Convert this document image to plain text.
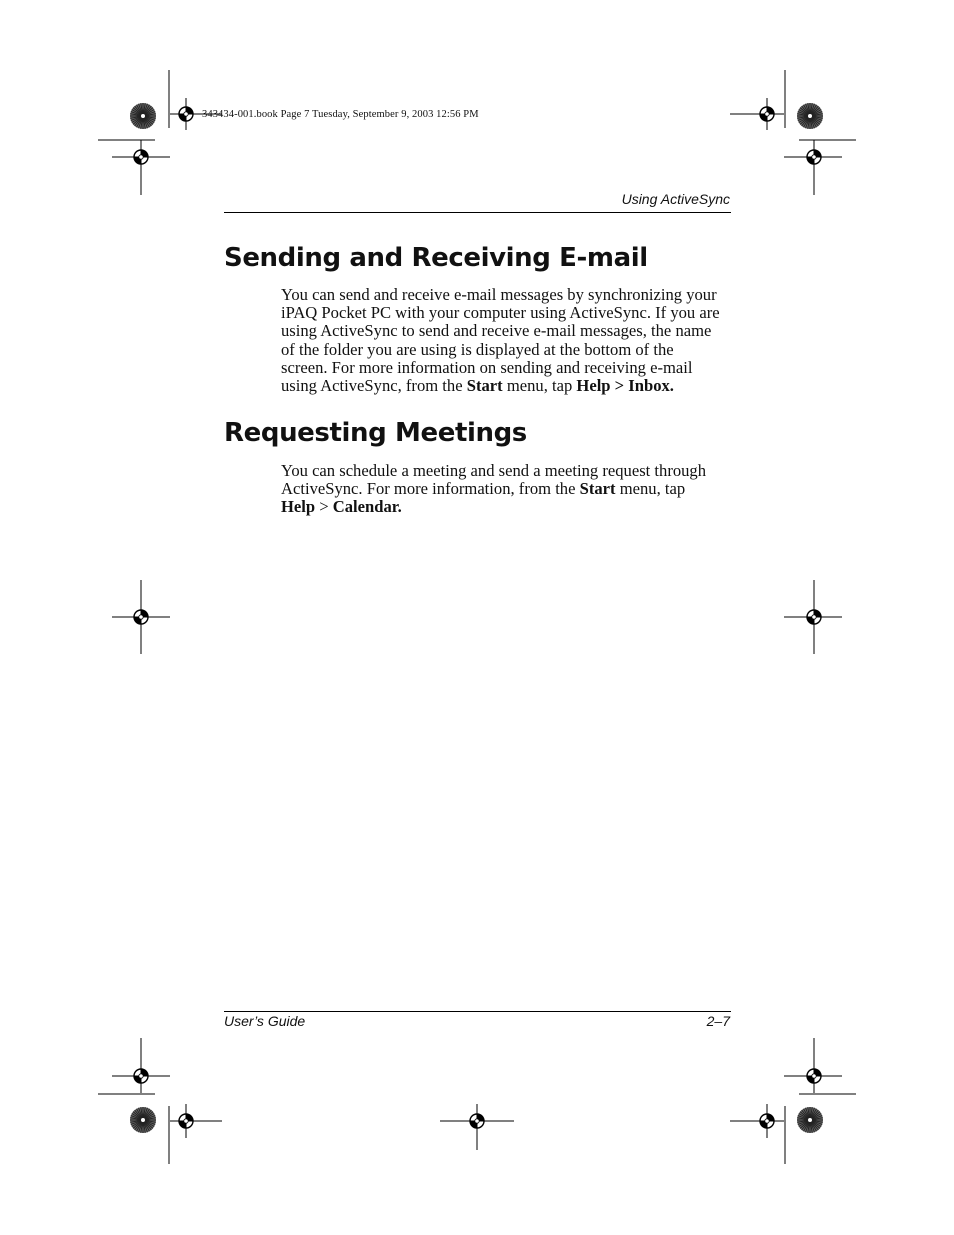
343434-001.book Page 7 Tuesday, September 9, 2003 12:56 PM
Using ActiveSync
Sending and Receiving E-mail
You can send and receive e-mail messages by synchronizing your
iPAQ Pocket PC with your computer using ActiveSync. If you are
using ActiveSync to send and receive e-mail messages, the name
of the folder you are using is displayed at the bottom of the
screen. For more information on sending and receiving e-mail
using ActiveSync, from the Start menu, tap Help > Inbox.
Requesting Meetings
You can schedule a meeting and send a meeting request through
ActiveSync. For more information, from the Start menu, tap
Help > Calendar.
User’s Guide	2–7
